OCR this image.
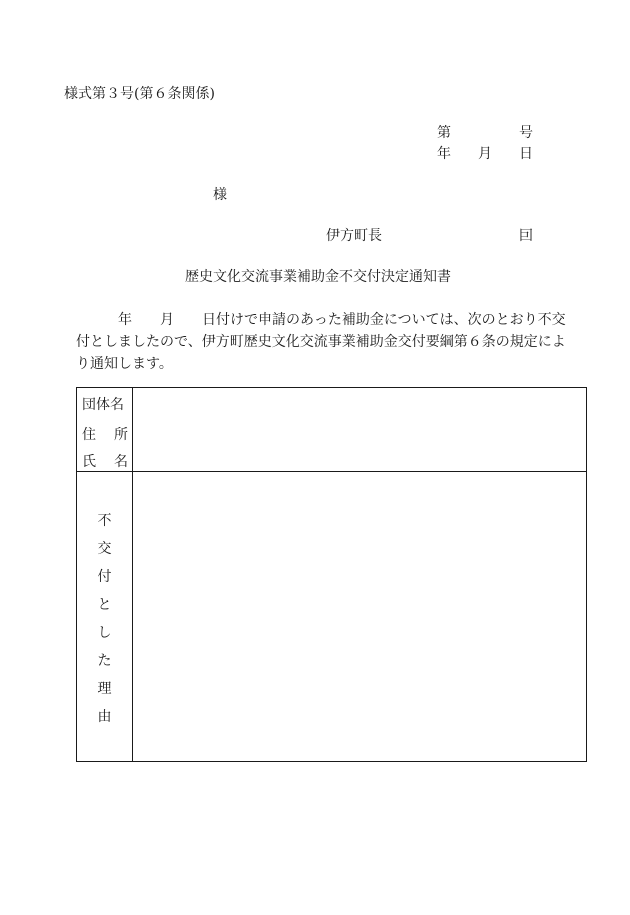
様式第３号(第６条関係)
第	号
年 月 日
様
伊方町長	囙
歴史文化交流事業補助金不交付決定通知書
　　　年　　月　　日付けで申請のあった補助金については、次のとおり不交
付としましたので、伊方町歴史文化交流事業補助金交付要綱第６条の規定によ
り通知します。
団体名
住 所
氏 名
不
交
付
と
し
た
理
由
